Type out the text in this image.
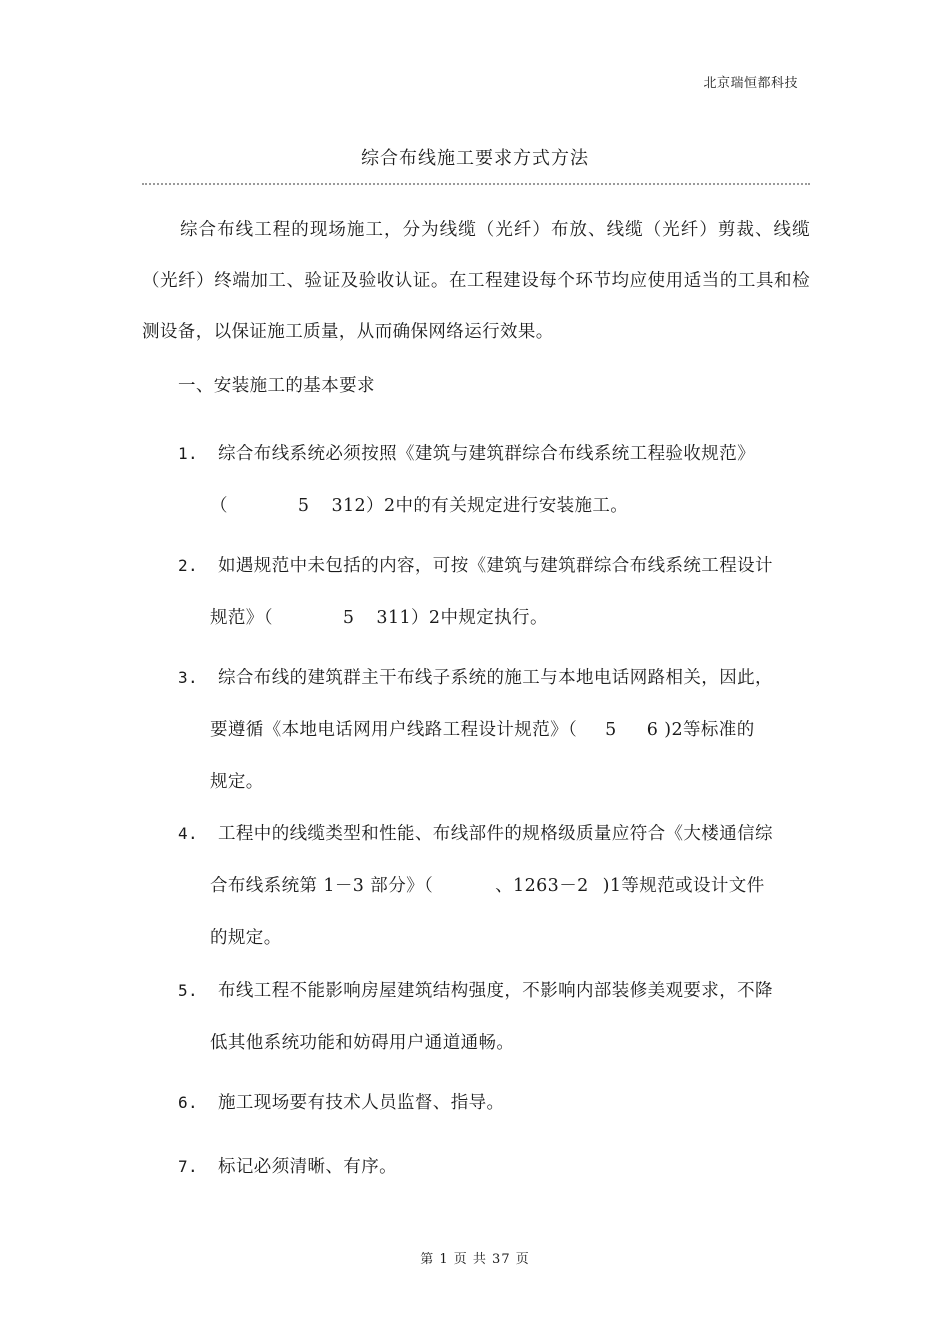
北京瑞恒都科技
综合布线施工要求方式方法
综合布线工程的现场施工，分为线缆（光纤）布放、线缆（光纤）剪裁、线缆（光纤）终端加工、验证及验收认证。在工程建设每个环节均应使用适当的工具和检测设备，以保证施工质量，从而确保网络运行效果。
一、安装施工的基本要求
1.	综合布线系统必须按照《建筑与建筑群综合布线系统工程验收规范》
（	5 312）2中的有关规定进行安装施工。
2.	如遇规范中未包括的内容，可按《建筑与建筑群综合布线系统工程设计
规范》（	5 311）2中规定执行。
3.	综合布线的建筑群主干布线子系统的施工与本地电话网路相关，因此，
要遵循《本地电话网用户线路工程设计规范》（ 5 6 )2等标准的
规定。
4.	工程中的线缆类型和性能、布线部件的规格级质量应符合《大楼通信综
合布线系统第 1－3 部分》（	、1263－2 )1等规范或设计文件
的规定。
5.	布线工程不能影响房屋建筑结构强度，不影响内部装修美观要求，不降
低其他系统功能和妨碍用户通道通畅。
6.	施工现场要有技术人员监督、指导。
7.	标记必须清晰、有序。
第 1 页 共 37 页
